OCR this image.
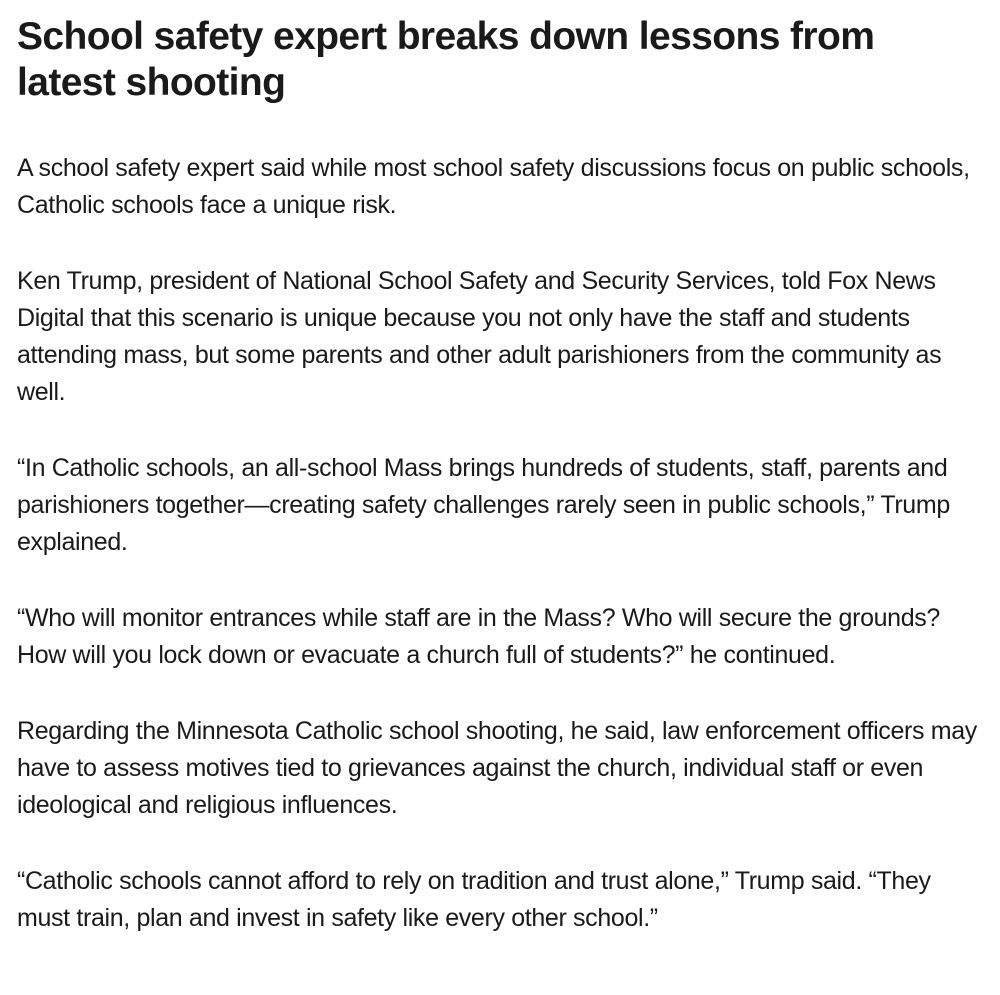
School safety expert breaks down lessons from latest shooting

A school safety expert said while most school safety discussions focus on public schools, Catholic schools face a unique risk.

Ken Trump, president of National School Safety and Security Services, told Fox News Digital that this scenario is unique because you not only have the staff and students attending mass, but some parents and other adult parishioners from the community as well.

“In Catholic schools, an all-school Mass brings hundreds of students, staff, parents and parishioners together—creating safety challenges rarely seen in public schools,” Trump explained.

“Who will monitor entrances while staff are in the Mass? Who will secure the grounds? How will you lock down or evacuate a church full of students?” he continued.

Regarding the Minnesota Catholic school shooting, he said, law enforcement officers may have to assess motives tied to grievances against the church, individual staff or even ideological and religious influences.

“Catholic schools cannot afford to rely on tradition and trust alone,” Trump said. “They must train, plan and invest in safety like every other school.”
